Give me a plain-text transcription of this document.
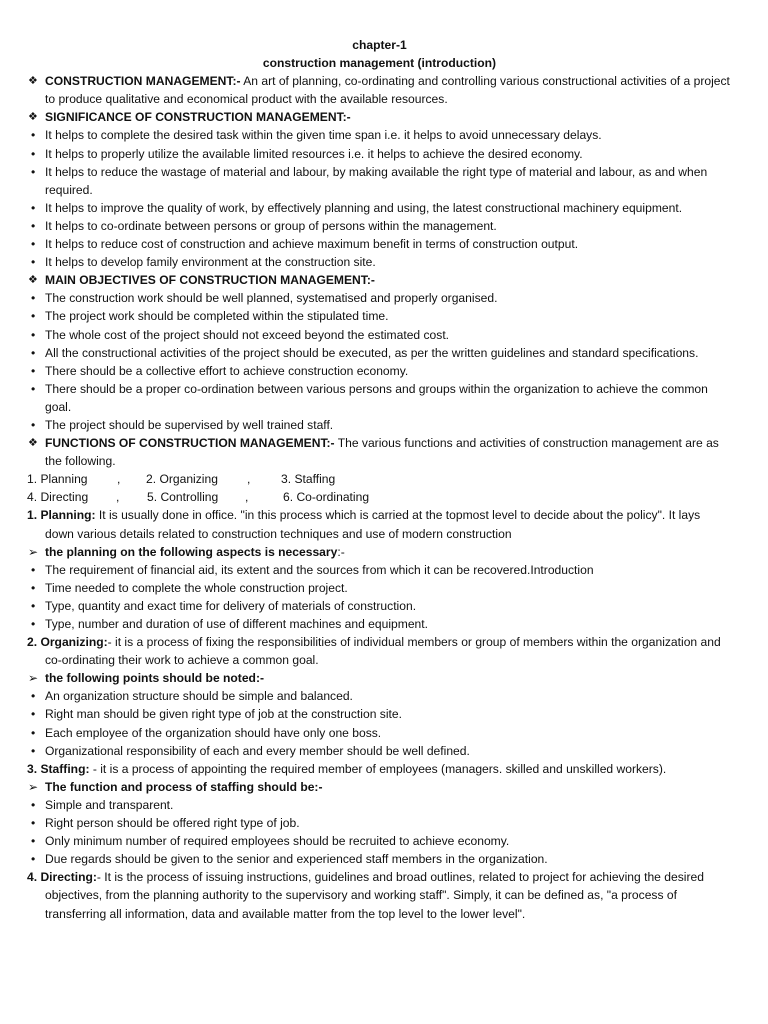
chapter-1
construction management (introduction)
❖ CONSTRUCTION MANAGEMENT:- An art of planning, co-ordinating and controlling various constructional activities of a project to produce qualitative and economical product with the available resources.
❖ SIGNIFICANCE OF CONSTRUCTION MANAGEMENT:-
• It helps to complete the desired task within the given time span i.e. it helps to avoid unnecessary delays.
• It helps to properly utilize the available limited resources i.e. it helps to achieve the desired economy.
• It helps to reduce the wastage of material and labour, by making available the right type of material and labour, as and when required.
• It helps to improve the quality of work, by effectively planning and using, the latest constructional machinery equipment.
• It helps to co-ordinate between persons or group of persons within the management.
• It helps to reduce cost of construction and achieve maximum benefit in terms of construction output.
• It helps to develop family environment at the construction site.
❖ MAIN OBJECTIVES OF CONSTRUCTION MANAGEMENT:-
• The construction work should be well planned, systematised and properly organised.
• The project work should be completed within the stipulated time.
• The whole cost of the project should not exceed beyond the estimated cost.
• All the constructional activities of the project should be executed, as per the written guidelines and standard specifications.
• There should be a collective effort to achieve construction economy.
• There should be a proper co-ordination between various persons and groups within the organization to achieve the common goal.
• The project should be supervised by well trained staff.
❖ FUNCTIONS OF CONSTRUCTION MANAGEMENT:- The various functions and activities of construction management are as the following.
1. Planning	,	2. Organizing	,	3. Staffing
4. Directing	,	5. Controlling	,	6. Co-ordinating
1. Planning: It is usually done in office. "in this process which is carried at the topmost level to decide about the policy". It lays down various details related to construction techniques and use of modern construction
➢ the planning on the following aspects is necessary:-
• The requirement of financial aid, its extent and the sources from which it can be recovered.Introduction
• Time needed to complete the whole construction project.
• Type, quantity and exact time for delivery of materials of construction.
• Type, number and duration of use of different machines and equipment.
2. Organizing:- it is a process of fixing the responsibilities of individual members or group of members within the organization and co-ordinating their work to achieve a common goal.
➢ the following points should be noted:-
• An organization structure should be simple and balanced.
• Right man should be given right type of job at the construction site.
• Each employee of the organization should have only one boss.
• Organizational responsibility of each and every member should be well defined.
3. Staffing: - it is a process of appointing the required member of employees (managers. skilled and unskilled workers).
➢ The function and process of staffing should be:-
• Simple and transparent.
• Right person should be offered right type of job.
• Only minimum number of required employees should be recruited to achieve economy.
• Due regards should be given to the senior and experienced staff members in the organization.
4. Directing:- It is the process of issuing instructions, guidelines and broad outlines, related to project for achieving the desired objectives, from the planning authority to the supervisory and working staff". Simply, it can be defined as, "a process of transferring all information, data and available matter from the top level to the lower level".
